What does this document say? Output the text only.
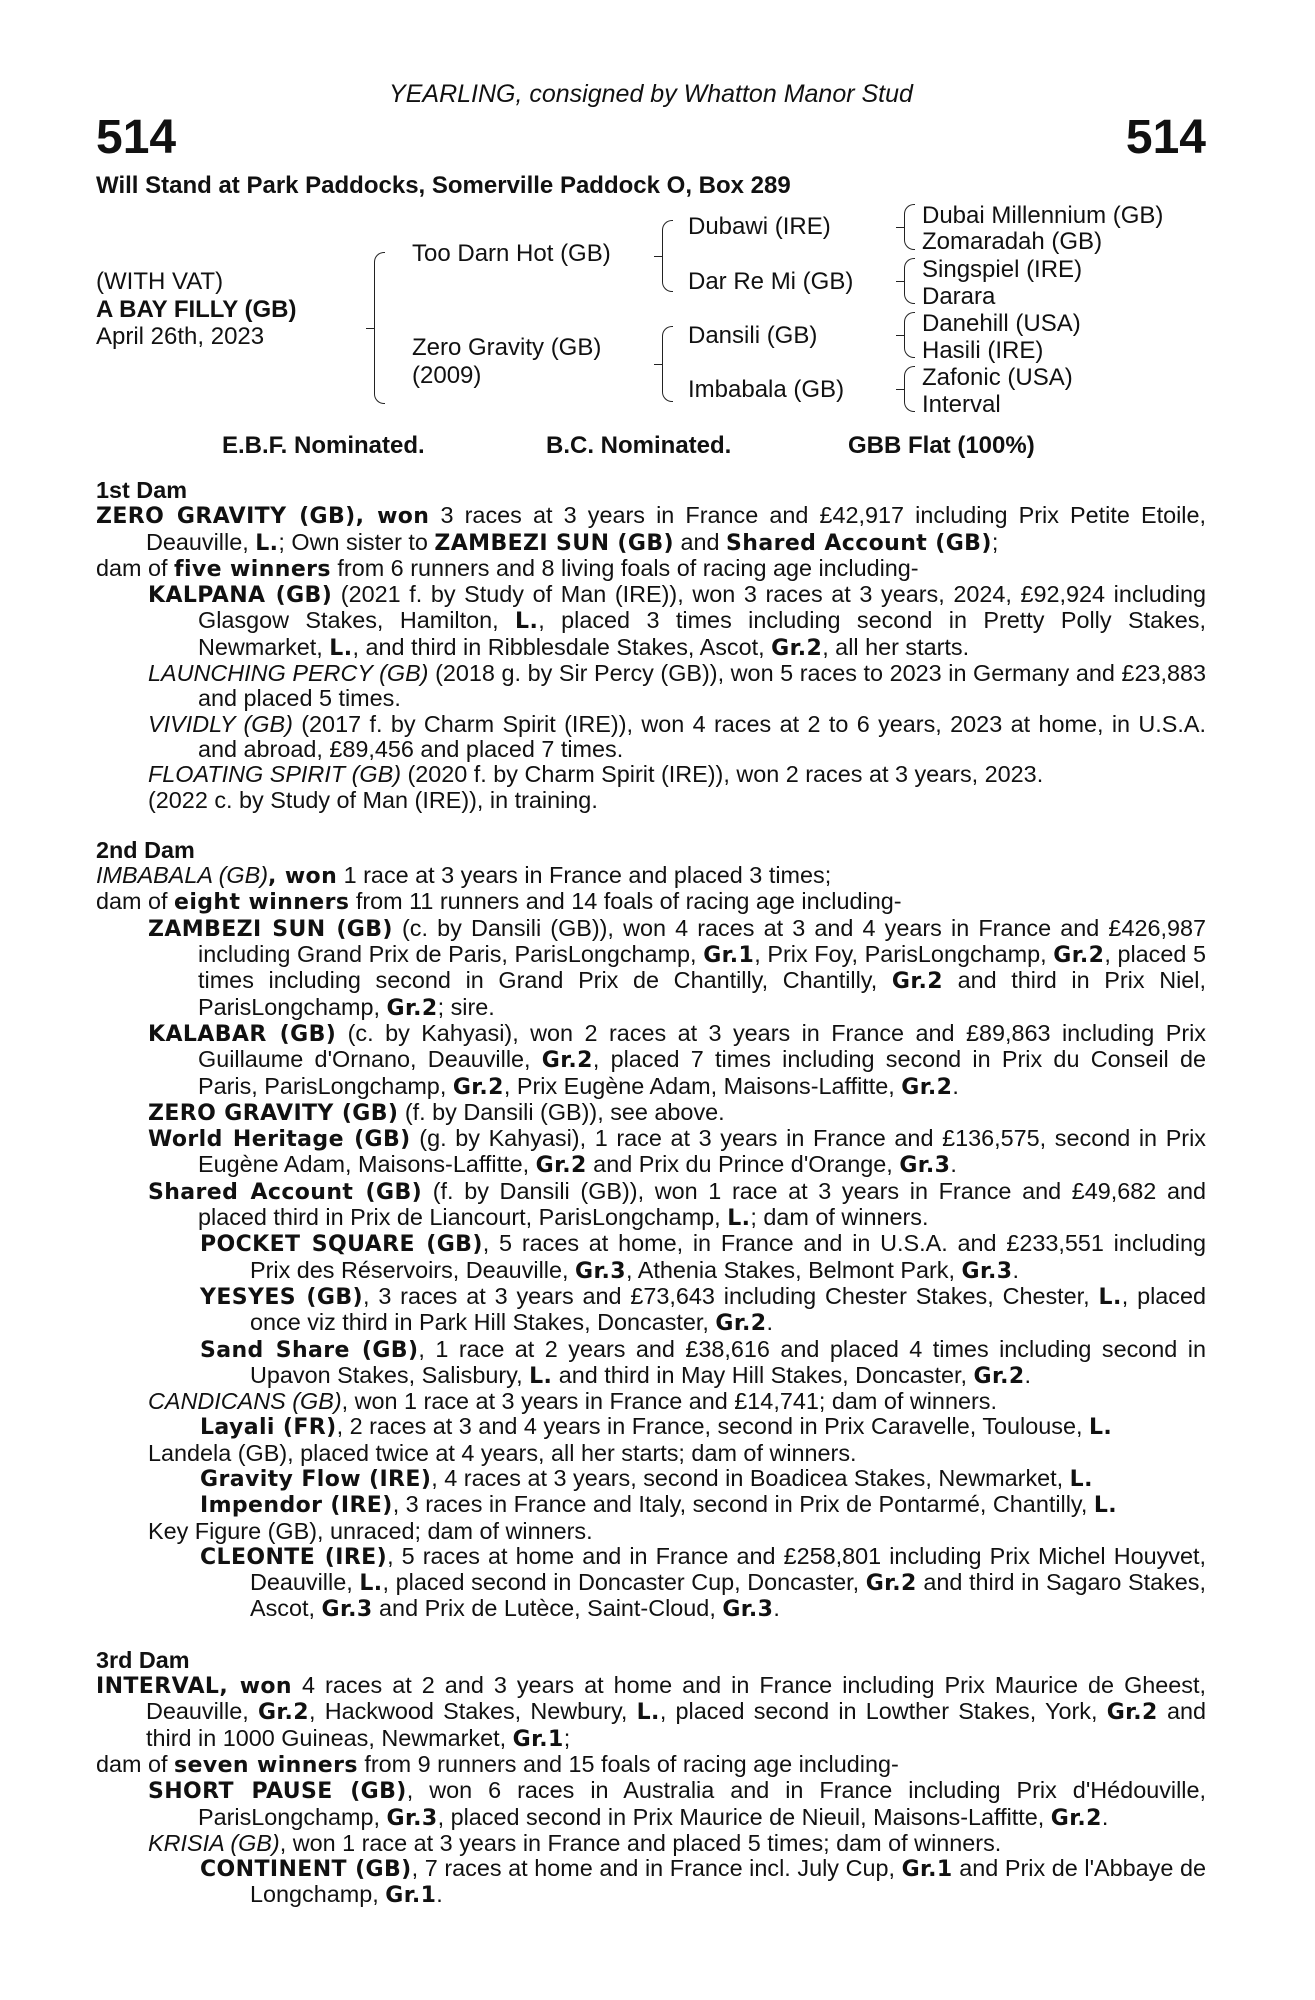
YEARLING, consigned by Whatton Manor Stud
514	514
Will Stand at Park Paddocks, Somerville Paddock O, Box 289
(WITH VAT)
A BAY FILLY (GB)
April 26th, 2023
Too Darn Hot (GB)
Zero Gravity (GB)
(2009)
Dubawi (IRE)
Dar Re Mi (GB)
Dansili (GB)
Imbabala (GB)
Dubai Millennium (GB)
Zomaradah (GB)
Singspiel (IRE)
Darara
Danehill (USA)
Hasili (IRE)
Zafonic (USA)
Interval
E.B.F. Nominated.	B.C. Nominated.	GBB Flat (100%)
1st Dam

ZERO GRAVITY (GB), won 3 races at 3 years in France and £42,917 including Prix Petite Etoile, Deauville, L.; Own sister to ZAMBEZI SUN (GB) and Shared Account (GB);

dam of five winners from 6 runners and 8 living foals of racing age including-

KALPANA (GB) (2021 f. by Study of Man (IRE)), won 3 races at 3 years, 2024, £92,924 including Glasgow Stakes, Hamilton, L., placed 3 times including second in Pretty Polly Stakes, Newmarket, L., and third in Ribblesdale Stakes, Ascot, Gr.2, all her starts.

LAUNCHING PERCY (GB) (2018 g. by Sir Percy (GB)), won 5 races to 2023 in Germany and £23,883 and placed 5 times.

VIVIDLY (GB) (2017 f. by Charm Spirit (IRE)), won 4 races at 2 to 6 years, 2023 at home, in U.S.A. and abroad, £89,456 and placed 7 times.

FLOATING SPIRIT (GB) (2020 f. by Charm Spirit (IRE)), won 2 races at 3 years, 2023.

(2022 c. by Study of Man (IRE)), in training.

2nd Dam

IMBABALA (GB), won 1 race at 3 years in France and placed 3 times;

dam of eight winners from 11 runners and 14 foals of racing age including-

ZAMBEZI SUN (GB) (c. by Dansili (GB)), won 4 races at 3 and 4 years in France and £426,987 including Grand Prix de Paris, ParisLongchamp, Gr.1, Prix Foy, ParisLongchamp, Gr.2, placed 5 times including second in Grand Prix de Chantilly, Chantilly, Gr.2 and third in Prix Niel, ParisLongchamp, Gr.2; sire.

KALABAR (GB) (c. by Kahyasi), won 2 races at 3 years in France and £89,863 including Prix Guillaume d'Ornano, Deauville, Gr.2, placed 7 times including second in Prix du Conseil de Paris, ParisLongchamp, Gr.2, Prix Eugène Adam, Maisons-Laffitte, Gr.2.

ZERO GRAVITY (GB) (f. by Dansili (GB)), see above.

World Heritage (GB) (g. by Kahyasi), 1 race at 3 years in France and £136,575, second in Prix Eugène Adam, Maisons-Laffitte, Gr.2 and Prix du Prince d'Orange, Gr.3.

Shared Account (GB) (f. by Dansili (GB)), won 1 race at 3 years in France and £49,682 and placed third in Prix de Liancourt, ParisLongchamp, L.; dam of winners.

POCKET SQUARE (GB), 5 races at home, in France and in U.S.A. and £233,551 including Prix des Réservoirs, Deauville, Gr.3, Athenia Stakes, Belmont Park, Gr.3.

YESYES (GB), 3 races at 3 years and £73,643 including Chester Stakes, Chester, L., placed once viz third in Park Hill Stakes, Doncaster, Gr.2.

Sand Share (GB), 1 race at 2 years and £38,616 and placed 4 times including second in Upavon Stakes, Salisbury, L. and third in May Hill Stakes, Doncaster, Gr.2.

CANDICANS (GB), won 1 race at 3 years in France and £14,741; dam of winners.

Layali (FR), 2 races at 3 and 4 years in France, second in Prix Caravelle, Toulouse, L.

Landela (GB), placed twice at 4 years, all her starts; dam of winners.

Gravity Flow (IRE), 4 races at 3 years, second in Boadicea Stakes, Newmarket, L.

Impendor (IRE), 3 races in France and Italy, second in Prix de Pontarmé, Chantilly, L.

Key Figure (GB), unraced; dam of winners.

CLEONTE (IRE), 5 races at home and in France and £258,801 including Prix Michel Houyvet, Deauville, L., placed second in Doncaster Cup, Doncaster, Gr.2 and third in Sagaro Stakes, Ascot, Gr.3 and Prix de Lutèce, Saint-Cloud, Gr.3.

3rd Dam

INTERVAL, won 4 races at 2 and 3 years at home and in France including Prix Maurice de Gheest, Deauville, Gr.2, Hackwood Stakes, Newbury, L., placed second in Lowther Stakes, York, Gr.2 and third in 1000 Guineas, Newmarket, Gr.1;

dam of seven winners from 9 runners and 15 foals of racing age including-

SHORT PAUSE (GB), won 6 races in Australia and in France including Prix d'Hédouville, ParisLongchamp, Gr.3, placed second in Prix Maurice de Nieuil, Maisons-Laffitte, Gr.2.

KRISIA (GB), won 1 race at 3 years in France and placed 5 times; dam of winners.

CONTINENT (GB), 7 races at home and in France incl. July Cup, Gr.1 and Prix de l'Abbaye de Longchamp, Gr.1.
